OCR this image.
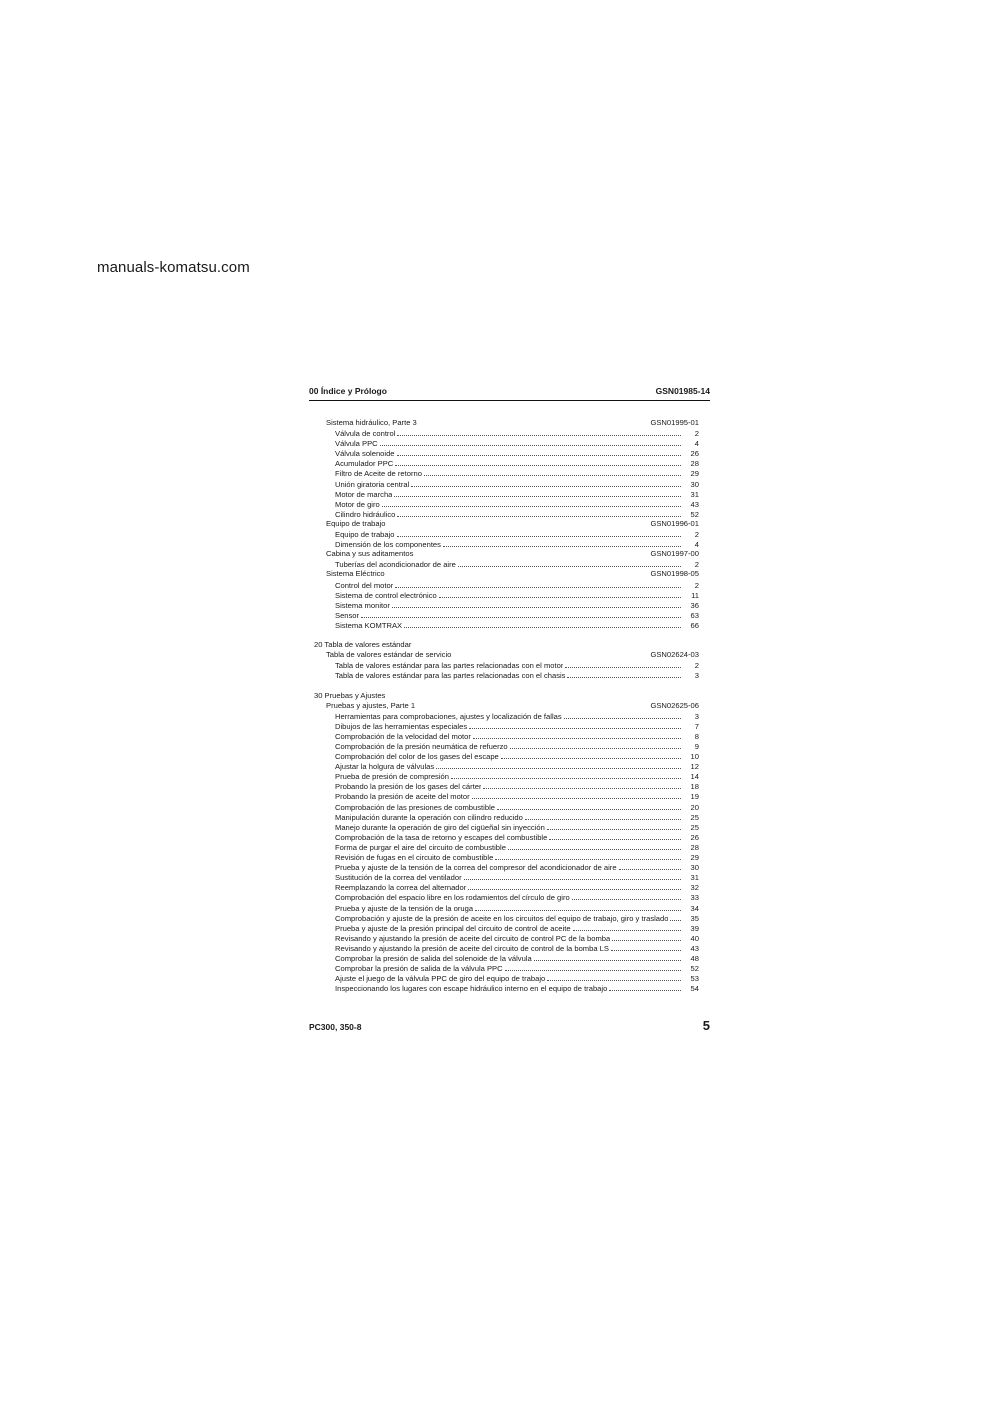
manuals-komatsu.com
00 Índice y Prólogo	GSN01985-14
Sistema hidráulico, Parte 3	GSN01995-01
Válvula de control	2
Válvula PPC	4
Válvula solenoide	26
Acumulador PPC	28
Filtro de Aceite de retorno	29
Unión giratoria central	30
Motor de marcha	31
Motor de giro	43
Cilindro hidráulico	52
Equipo de trabajo	GSN01996-01
Equipo de trabajo	2
Dimensión de los componentes	4
Cabina y sus aditamentos	GSN01997-00
Tuberías del acondicionador de aire	2
Sistema Eléctrico	GSN01998-05
Control del motor	2
Sistema de control electrónico	11
Sistema monitor	36
Sensor	63
Sistema KOMTRAX	66
20 Tabla de valores estándar
Tabla de valores estándar de servicio	GSN02624-03
Tabla de valores estándar para las partes relacionadas con el motor	2
Tabla de valores estándar para las partes relacionadas con el chasis	3
30 Pruebas y Ajustes
Pruebas y ajustes, Parte 1	GSN02625-06
Herramientas para comprobaciones, ajustes y localización de fallas	3
Dibujos de las herramientas especiales	7
Comprobación de la velocidad del motor	8
Comprobación de la presión neumática de refuerzo	9
Comprobación del color de los gases del escape	10
Ajustar la holgura de válvulas	12
Prueba de presión de compresión	14
Probando la presión de los gases del cárter	18
Probando la presión de aceite del motor	19
Comprobación de las presiones de combustible	20
Manipulación durante la operación con cilindro reducido	25
Manejo durante la operación de giro del cigüeñal sin inyección	25
Comprobación de la tasa de retorno y escapes del combustible	26
Forma de purgar el aire del circuito de combustible	28
Revisión de fugas en el circuito de combustible	29
Prueba y ajuste de la tensión de la correa del compresor del acondicionador de aire	30
Sustitución de la correa del ventilador	31
Reemplazando la correa del alternador	32
Comprobación del espacio libre en los rodamientos del círculo de giro	33
Prueba y ajuste de la tensión de la oruga	34
Comprobación y ajuste de la presión de aceite en los circuitos del equipo de trabajo, giro y traslado	35
Prueba y ajuste de la presión principal del circuito de control de aceite	39
Revisando y ajustando la presión de aceite del circuito de control PC de la bomba	40
Revisando y ajustando la presión de aceite del circuito de control de la bomba LS	43
Comprobar la presión de salida del solenoide de la válvula	48
Comprobar la presión de salida de la válvula PPC	52
Ajuste el juego de la válvula PPC de giro del equipo de trabajo	53
Inspeccionando los lugares con escape hidráulico interno en el equipo de trabajo	54
PC300, 350-8	5
